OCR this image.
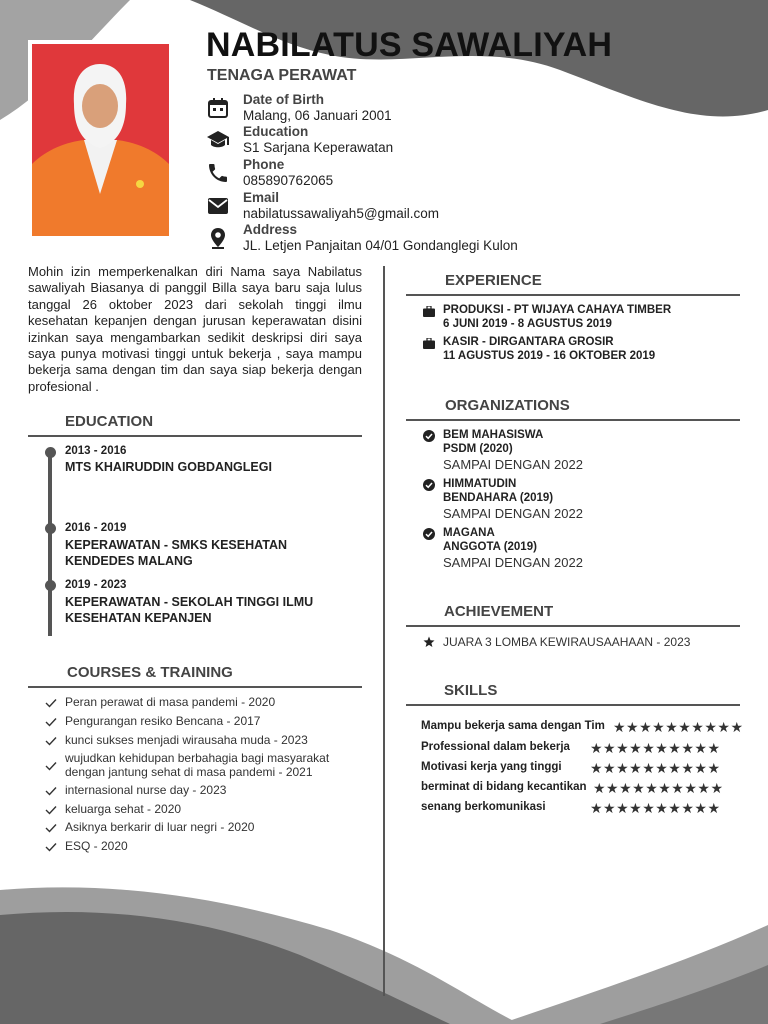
NABILATUS SAWALIYAH
TENAGA PERAWAT
Date of Birth
Malang, 06 Januari 2001
Education
S1 Sarjana Keperawatan
Phone
085890762065
Email
nabilatussawaliyah5@gmail.com
Address
JL. Letjen Panjaitan 04/01 Gondanglegi Kulon
Mohin izin memperkenalkan diri Nama saya Nabilatus sawaliyah Biasanya di panggil Billa saya baru saja lulus tanggal 26 oktober 2023 dari sekolah tinggi ilmu kesehatan kepanjen dengan jurusan keperawatan disini izinkan saya mengambarkan sedikit deskripsi diri saya saya punya motivasi tinggi untuk bekerja , saya mampu bekerja sama dengan tim dan saya siap bekerja dengan profesional .
EDUCATION
2013 - 2016
MTS KHAIRUDDIN GOBDANGLEGI
2016 - 2019
KEPERAWATAN - SMKS KESEHATAN KENDEDES MALANG
2019 - 2023
KEPERAWATAN - SEKOLAH TINGGI ILMU KESEHATAN KEPANJEN
COURSES & TRAINING
Peran perawat di masa pandemi - 2020
Pengurangan resiko Bencana - 2017
kunci sukses menjadi wirausaha muda - 2023
wujudkan kehidupan berbahagia bagi masyarakat
dengan jantung sehat di masa pandemi - 2021
internasional nurse day - 2023
keluarga sehat - 2020
Asiknya berkarir di luar negri - 2020
ESQ - 2020
EXPERIENCE
PRODUKSI - PT WIJAYA CAHAYA TIMBER
6 JUNI 2019 - 8 AGUSTUS 2019
KASIR - DIRGANTARA GROSIR
11 AGUSTUS 2019 - 16 OKTOBER 2019
ORGANIZATIONS
BEM MAHASISWA
PSDM (2020)
SAMPAI DENGAN 2022
HIMMATUDIN
BENDAHARA (2019)
SAMPAI DENGAN 2022
MAGANA
ANGGOTA (2019)
SAMPAI DENGAN 2022
ACHIEVEMENT
JUARA 3 LOMBA KEWIRAUSAAHAAN - 2023
SKILLS
Mampu bekerja sama dengan Tim ★★★★★★★★★★
Professional dalam bekerja ★★★★★★★★★★
Motivasi kerja yang tinggi ★★★★★★★★★★
berminat di bidang kecantikan ★★★★★★★★★★
senang berkomunikasi	★★★★★★★★★★
